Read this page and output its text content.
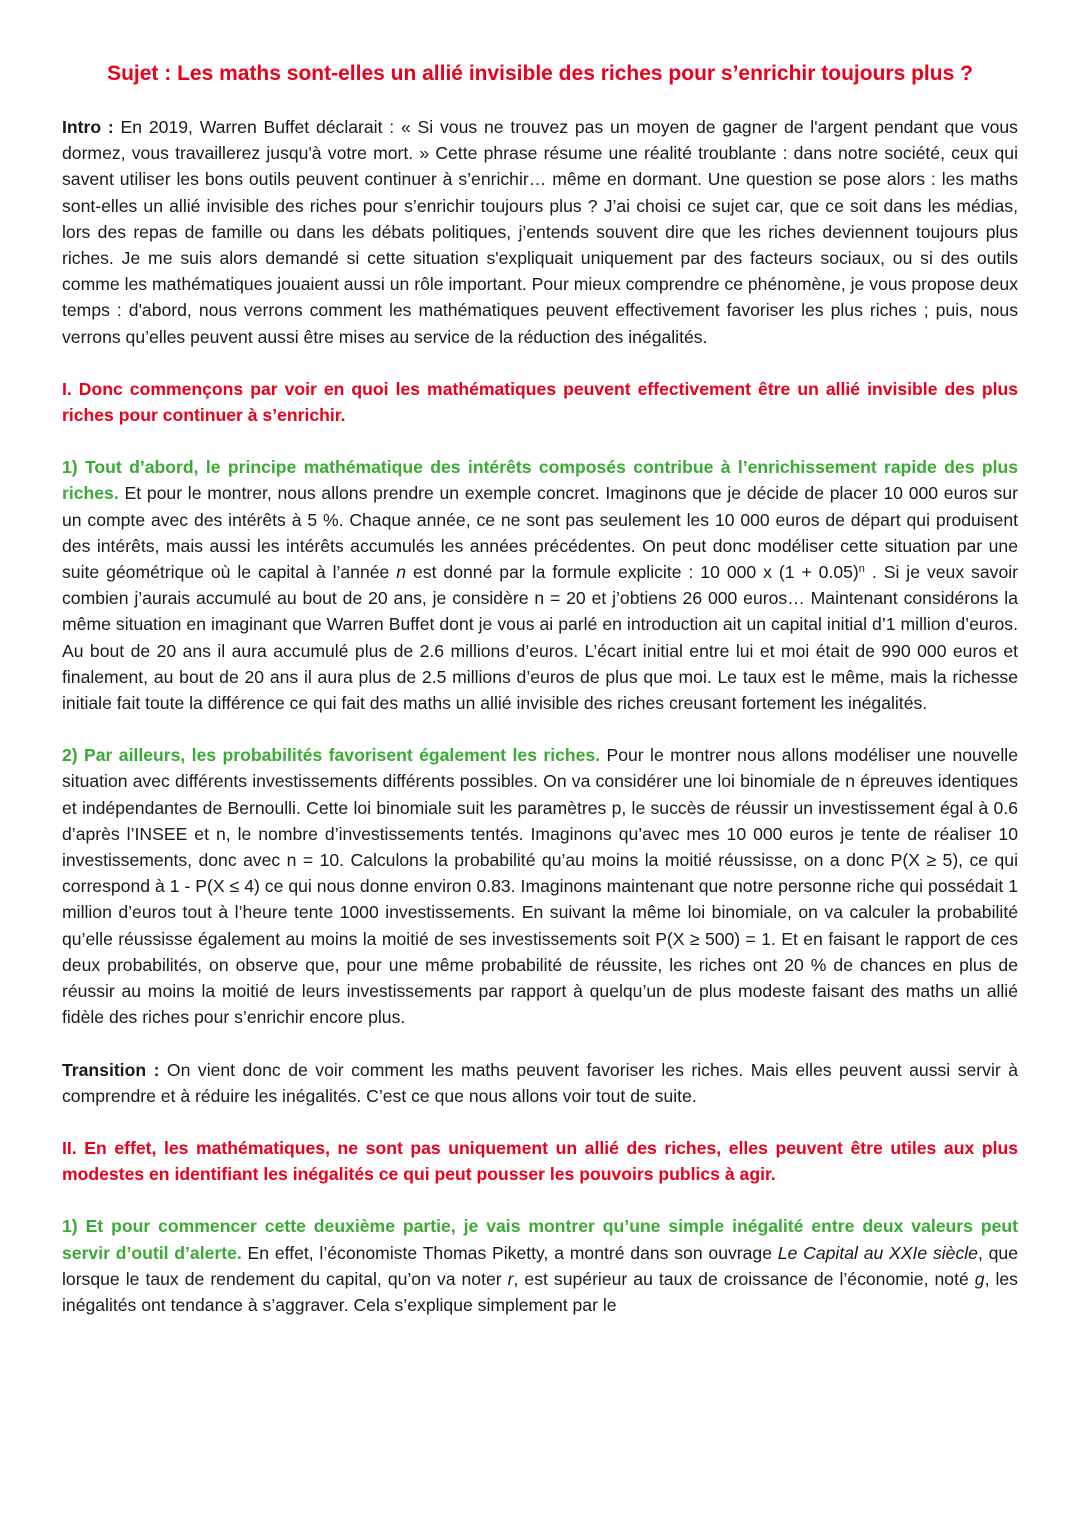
Sujet : Les maths sont-elles un allié invisible des riches pour s’enrichir toujours plus ?

Intro : En 2019, Warren Buffet déclarait : « Si vous ne trouvez pas un moyen de gagner de l'argent pendant que vous dormez, vous travaillerez jusqu'à votre mort. » Cette phrase résume une réalité troublante : dans notre société, ceux qui savent utiliser les bons outils peuvent continuer à s’enrichir… même en dormant. Une question se pose alors : les maths sont-elles un allié invisible des riches pour s’enrichir toujours plus ? J’ai choisi ce sujet car, que ce soit dans les médias, lors des repas de famille ou dans les débats politiques, j’entends souvent dire que les riches deviennent toujours plus riches. Je me suis alors demandé si cette situation s'expliquait uniquement par des facteurs sociaux, ou si des outils comme les mathématiques jouaient aussi un rôle important. Pour mieux comprendre ce phénomène, je vous propose deux temps : d'abord, nous verrons comment les mathématiques peuvent effectivement favoriser les plus riches ; puis, nous verrons qu’elles peuvent aussi être mises au service de la réduction des inégalités.

I. Donc commençons par voir en quoi les mathématiques peuvent effectivement être un allié invisible des plus riches pour continuer à s’enrichir.

1) Tout d’abord, le principe mathématique des intérêts composés contribue à l’enrichissement rapide des plus riches. Et pour le montrer, nous allons prendre un exemple concret. Imaginons que je décide de placer 10 000 euros sur un compte avec des intérêts à 5 %. Chaque année, ce ne sont pas seulement les 10 000 euros de départ qui produisent des intérêts, mais aussi les intérêts accumulés les années précédentes. On peut donc modéliser cette situation par une suite géométrique où le capital à l’année n est donné par la formule explicite : 10 000 x $(1 + 0.05)^n$ . Si je veux savoir combien j’aurais accumulé au bout de 20 ans, je considère n = 20 et j’obtiens 26 000 euros… Maintenant considérons la même situation en imaginant que Warren Buffet dont je vous ai parlé en introduction ait un capital initial d’1 million d’euros. Au bout de 20 ans il aura accumulé plus de 2.6 millions d’euros. L’écart initial entre lui et moi était de 990 000 euros et finalement, au bout de 20 ans il aura plus de 2.5 millions d’euros de plus que moi. Le taux est le même, mais la richesse initiale fait toute la différence ce qui fait des maths un allié invisible des riches creusant fortement les inégalités.

2) Par ailleurs, les probabilités favorisent également les riches. Pour le montrer nous allons modéliser une nouvelle situation avec différents investissements différents possibles. On va considérer une loi binomiale de n épreuves identiques et indépendantes de Bernoulli. Cette loi binomiale suit les paramètres p, le succès de réussir un investissement égal à 0.6 d’après l’INSEE et n, le nombre d’investissements tentés. Imaginons qu’avec mes 10 000 euros je tente de réaliser 10 investissements, donc avec n = 10. Calculons la probabilité qu’au moins la moitié réussisse, on a donc P(X ≥ 5), ce qui correspond à 1 - P(X ≤ 4) ce qui nous donne environ 0.83. Imaginons maintenant que notre personne riche qui possédait 1 million d’euros tout à l’heure tente 1000 investissements. En suivant la même loi binomiale, on va calculer la probabilité qu’elle réussisse également au moins la moitié de ses investissements soit P(X ≥ 500) = 1. Et en faisant le rapport de ces deux probabilités, on observe que, pour une même probabilité de réussite, les riches ont 20 % de chances en plus de réussir au moins la moitié de leurs investissements par rapport à quelqu’un de plus modeste faisant des maths un allié fidèle des riches pour s’enrichir encore plus.

Transition : On vient donc de voir comment les maths peuvent favoriser les riches. Mais elles peuvent aussi servir à comprendre et à réduire les inégalités. C’est ce que nous allons voir tout de suite.

II. En effet, les mathématiques, ne sont pas uniquement un allié des riches, elles peuvent être utiles aux plus modestes en identifiant les inégalités ce qui peut pousser les pouvoirs publics à agir.

1) Et pour commencer cette deuxième partie, je vais montrer qu’une simple inégalité entre deux valeurs peut servir d’outil d’alerte. En effet, l’économiste Thomas Piketty, a montré dans son ouvrage Le Capital au XXIe siècle, que lorsque le taux de rendement du capital, qu’on va noter r, est supérieur au taux de croissance de l’économie, noté g, les inégalités ont tendance à s’aggraver. Cela s’explique simplement par le
